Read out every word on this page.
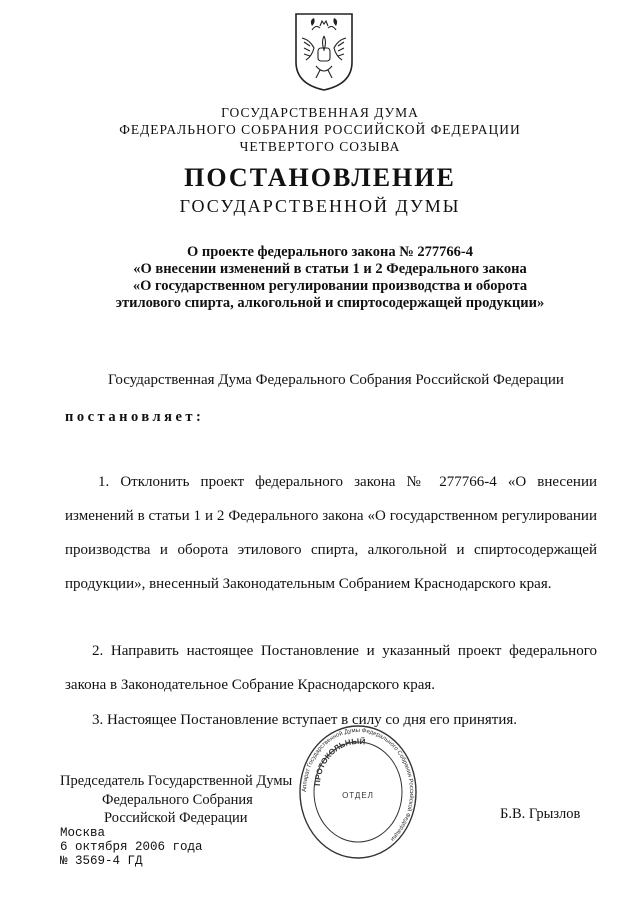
ГОСУДАРСТВЕННАЯ ДУМА
ФЕДЕРАЛЬНОГО СОБРАНИЯ РОССИЙСКОЙ ФЕДЕРАЦИИ
ЧЕТВЕРТОГО СОЗЫВА
ПОСТАНОВЛЕНИЕ
ГОСУДАРСТВЕННОЙ ДУМЫ
О проекте федерального закона № 277766-4
«О внесении изменений в статьи 1 и 2 Федерального закона
«О государственном регулировании производства и оборота
этилового спирта, алкогольной и спиртосодержащей продукции»
Государственная Дума Федерального Собрания Российской Федерации
постановляет:
1. Отклонить проект федерального закона № 277766-4 «О внесении изменений в статьи 1 и 2 Федерального закона «О государственном регулировании производства и оборота этилового спирта, алкогольной и спиртосодержащей продукции», внесенный Законодательным Собранием Краснодарского края.
2. Направить настоящее Постановление и указанный проект федерального закона в Законодательное Собрание Краснодарского края.
3. Настоящее Постановление вступает в силу со дня его принятия.
Председатель Государственной Думы
Федерального Собрания
Российской Федерации	Б.В. Грызлов
Аппарат Государственной Думы Федерального Собрания Российской Федерации
ПРОТОКОЛЬНЫЙ
ОТДЕЛ
Москва
6 октября 2006 года
№ 3569-4 ГД
